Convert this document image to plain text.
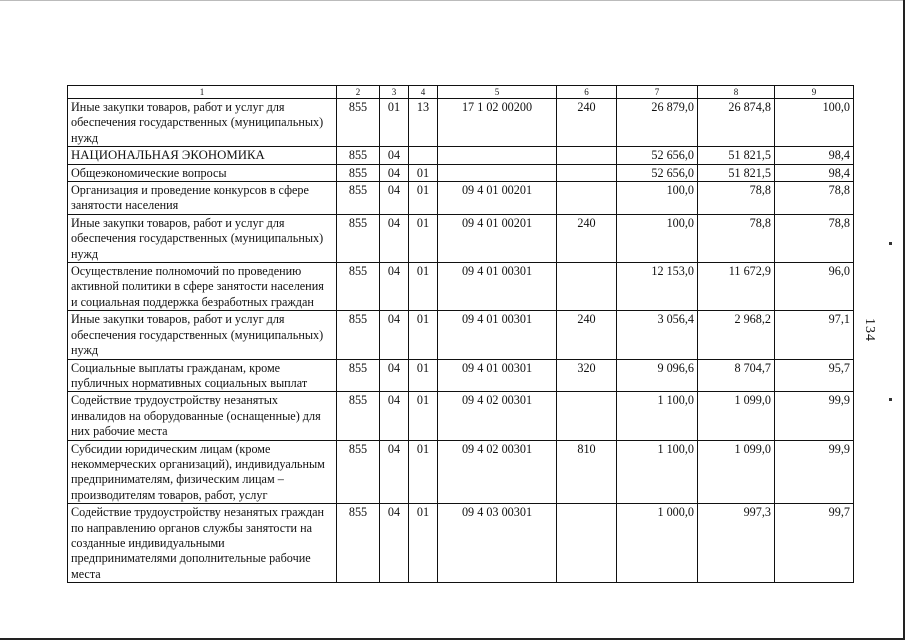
134
1	2	3	4	5	6	7	8	9
Иные закупки товаров, работ и услуг для обеспечения государственных (муниципальных) нужд	855	01	13	17 1 02 00200	240	26 879,0	26 874,8	100,0
НАЦИОНАЛЬНАЯ ЭКОНОМИКА	855	04				52 656,0	51 821,5	98,4
Общеэкономические вопросы	855	04	01			52 656,0	51 821,5	98,4
Организация и проведение конкурсов в сфере занятости населения	855	04	01	09 4 01 00201		100,0	78,8	78,8
Иные закупки товаров, работ и услуг для обеспечения государственных (муниципальных) нужд	855	04	01	09 4 01 00201	240	100,0	78,8	78,8
Осуществление полномочий по проведению активной политики в сфере занятости населения и социальная поддержка безработных граждан	855	04	01	09 4 01 00301		12 153,0	11 672,9	96,0
Иные закупки товаров, работ и услуг для обеспечения государственных (муниципальных) нужд	855	04	01	09 4 01 00301	240	3 056,4	2 968,2	97,1
Социальные выплаты гражданам, кроме публичных нормативных социальных выплат	855	04	01	09 4 01 00301	320	9 096,6	8 704,7	95,7
Содействие трудоустройству незанятых инвалидов на оборудованные (оснащенные) для них рабочие места	855	04	01	09 4 02 00301		1 100,0	1 099,0	99,9
Субсидии юридическим лицам (кроме некоммерческих организаций), индивидуальным предпринимателям, физическим лицам – производителям товаров, работ, услуг	855	04	01	09 4 02 00301	810	1 100,0	1 099,0	99,9
Содействие трудоустройству незанятых граждан по направлению органов службы занятости на созданные индивидуальными предпринимателями дополнительные рабочие места	855	04	01	09 4 03 00301		1 000,0	997,3	99,7
